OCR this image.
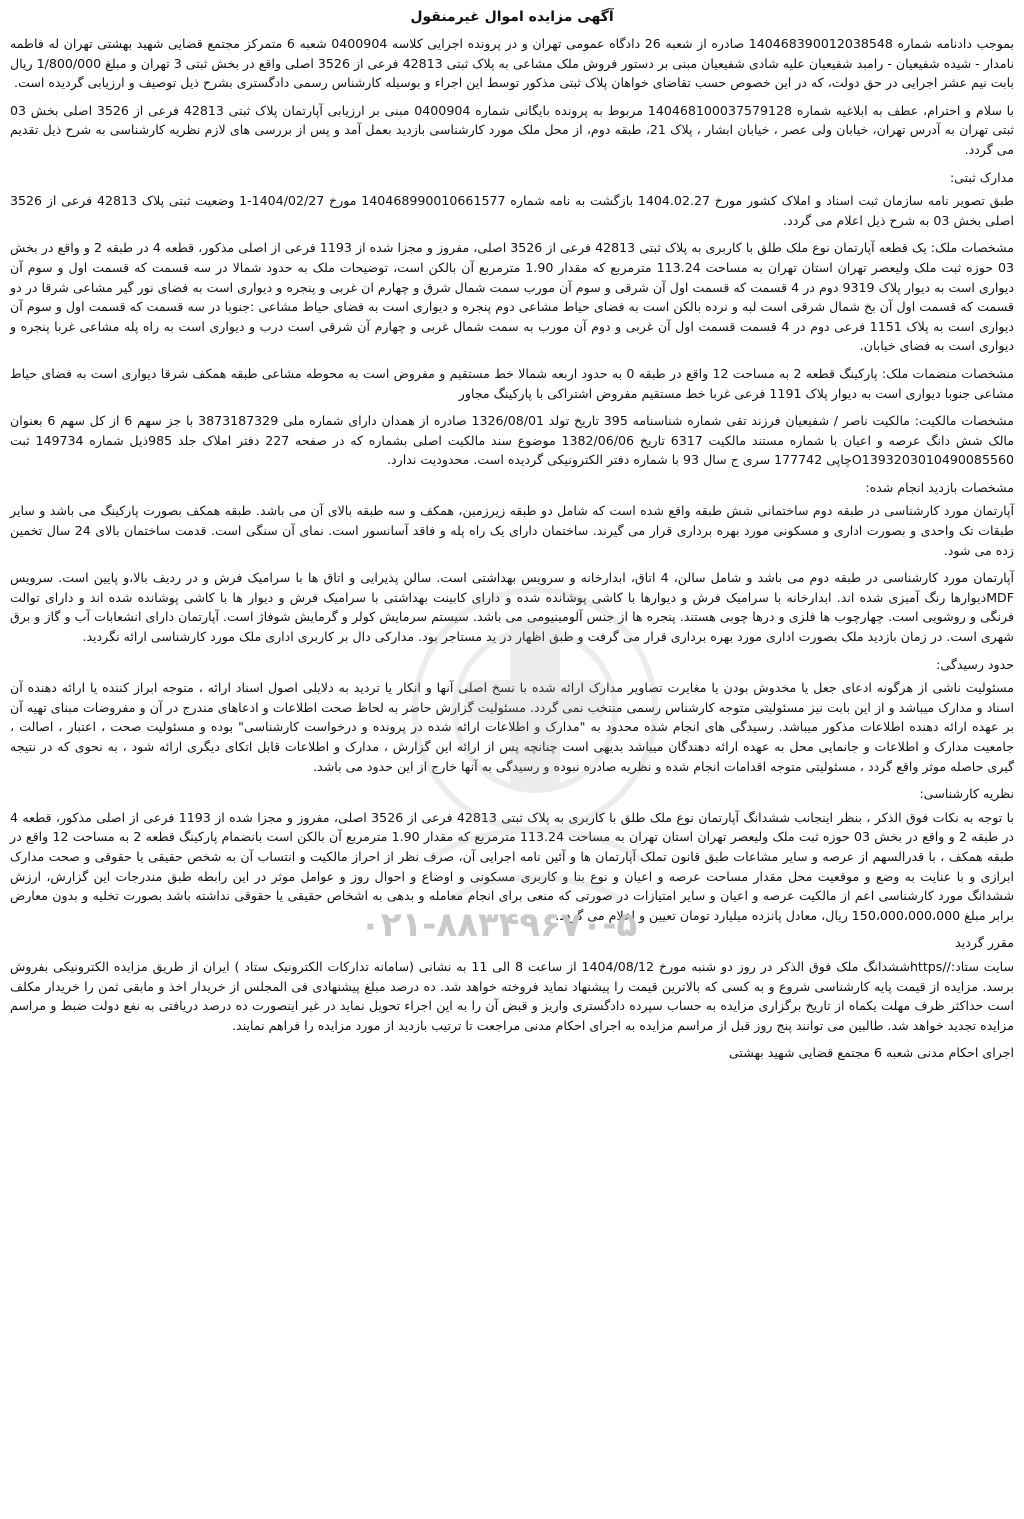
آگهی مزایده اموال غیرمنقول

بموجب دادنامه شماره 140468390012038548 صادره از شعبه 26 دادگاه عمومی تهران و در پرونده اجرایی کلاسه 0400904 شعبه 6 متمرکز مجتمع قضایی شهید بهشتی تهران له فاطمه نامدار - شیده شفیعیان - رامبد شفیعیان علیه شادی شفیعیان مبنی بر دستور فروش ملک مشاعی به پلاک ثبتی 42813 فرعی از 3526 اصلی واقع در بخش ثبتی 3 تهران و مبلغ 1/800/000 ریال بابت نیم عشر اجرایی در حق دولت، که در این خصوص حسب تقاضای خواهان پلاک ثبتی مذکور توسط این اجراء و بوسیله کارشناس رسمی دادگستری بشرح ذیل توصیف و ارزیابی گردیده است.

با سلام و احترام، عطف به ابلاغیه شماره 140468100037579128 مربوط به پرونده بایگانی شماره 0400904 مبنی بر ارزیابی آپارتمان پلاک ثبتی 42813 فرعی از 3526 اصلی بخش 03 ثبتی تهران به آدرس تهران، خیابان ولی عصر ، خیابان ابشار ، پلاک 21، طبقه دوم، از محل ملک مورد کارشناسی بازدید بعمل آمد و پس از بررسی های لازم نظریه کارشناسی به شرح ذیل تقدیم می گردد.

مدارک ثبتی:

طبق تصویر نامه سازمان ثبت اسناد و املاک کشور مورخ 1404.02.27 بازگشت به نامه شماره 140468990010661577 مورخ 1404/02/27-1 وضعیت ثبتی پلاک 42813 فرعی از 3526 اصلی بخش 03 به شرح ذیل اعلام می گردد.

مشخصات ملک: یک قطعه آپارتمان نوع ملک طلق با کاربری به پلاک ثبتی 42813 فرعی از 3526 اصلی، مفروز و مجزا شده از 1193 فرعی از اصلی مذکور، قطعه 4 در طبقه 2 و واقع در بخش 03 حوزه ثبت ملک ولیعصر تهران استان تهران به مساحت 113.24 مترمربع که مقدار 1.90 مترمربع آن بالکن است، توضیحات ملک به حدود شمالا در سه قسمت که قسمت اول و سوم آن دیواری است به دیوار پلاک 9319 دوم در 4 قسمت که قسمت اول آن شرقی و سوم آن مورب سمت شمال شرق و چهارم ان غربی و پنجره و دیواری است به فضای نور گیر مشاعی شرقا در دو قسمت که قسمت اول آن بخ شمال شرقی است لبه و نرده بالکن است به فضای حیاط مشاعی دوم پنجره و دیواری است به فضای حیاط مشاعی :جنوبا در سه قسمت که قسمت اول و سوم آن دیواری است به پلاک 1151 فرعی دوم در 4 قسمت قسمت اول آن غربی و دوم آن مورب به سمت شمال غربی و چهارم آن شرقی است درب و دیواری است به راه پله مشاعی غربا پنجره و دیواری است به فضای خیابان.

مشخصات منضمات ملک: پارکینگ قطعه 2 به مساحت 12 واقع در طبقه 0 به حدود اربعه شمالا خط مستقیم و مفروض است به محوطه مشاعی طبقه همکف شرقا دیواری است به فضای حیاط مشاعی جنوبا دیواری است به دیوار پلاک 1191 فرعی غربا خط مستقیم مفروض اشتراکی با پارکینگ مجاور

مشخصات مالکیت: مالکیت ناصر / شفیعیان فرزند تقی شماره شناسنامه 395 تاریخ تولد 1326/08/01 صادره از همدان دارای شماره ملی 3873187329 با جز سهم 6 از کل سهم 6 بعنوان مالک شش دانگ عرصه و اعیان با شماره مستند مالکیت 6317 تاریخ 1382/06/06 موضوع سند مالکیت اصلی بشماره که در صفحه 227 دفتر املاک جلد 985ذیل شماره 149734 ثبت O1393203010490085560چاپی 177742 سری ج سال 93 با شماره دفتر الکترونیکی گردیده است. محدودیت ندارد.

مشخصات بازدید انجام شده:

آپارتمان مورد کارشناسی در طبقه دوم ساختمانی شش طبقه واقع شده است که شامل دو طبقه زیرزمین، همکف و سه طبقه بالای آن می باشد. طبقه همکف بصورت پارکینگ می باشد و سایر طبقات تک واحدی و بصورت اداری و مسکونی مورد بهره برداری قرار می گیرند. ساختمان دارای یک راه پله و فاقد آسانسور است. نمای آن سنگی است. قدمت ساختمان بالای 24 سال تخمین زده می شود.

آپارتمان مورد کارشناسی در طبقه دوم می باشد و شامل سالن، 4 اتاق، ابدارخانه و سرویس بهداشتی است. سالن پذیرایی و اتاق ها با سرامیک فرش و در ردیف بالا،و پایین است. سرویس MDFدیوارها رنگ آمیزی شده اند. ابدارخانه با سرامیک فرش و دیوارها با کاشی پوشانده شده و دارای کابینت بهداشتی با سرامیک فرش و دیوار ها با کاشی پوشانده شده اند و دارای توالت فرنگی و روشویی است. چهارچوب ها فلزی و درها چوبی هستند. پنجره ها از جنس آلومینیومی می باشد. سیستم سرمایش کولر و گرمایش شوفاژ است. آپارتمان دارای انشعابات آب و گاز و برق شهری است. در زمان بازدید ملک بصورت اداری مورد بهره برداری قرار می گرفت و طبق اظهار در ید مستاجر بود. مدارکی دال بر کاربری اداری ملک مورد کارشناسی ارائه نگردید.

حدود رسیدگی:

مسئولیت ناشی از هرگونه ادعای جعل یا مخدوش بودن یا مغایرت تصاویر مدارک ارائه شده با نسخ اصلی آنها و انکار یا تردید به دلایلی اصول اسناد ارائه ، متوجه ابراز کننده یا ارائه دهنده آن اسناد و مدارک میباشد و از این بابت نیز مسئولیتی متوجه کارشناس رسمی منتخب نمی گردد. مسئولیت گزارش حاضر به لحاظ صحت اطلاعات و ادعاهای مندرج در آن و مفروضات مبنای تهیه آن بر عهده ارائه دهنده اطلاعات مذکور میباشد. رسیدگی های انجام شده محدود به "مدارک و اطلاعات ارائه شده در پرونده و درخواست کارشناسی" بوده و مسئولیت صحت ، اعتبار ، اصالت ، جامعیت مدارک و اطلاعات و جانمایی محل به عهده ارائه دهندگان میباشد بدیهی است چنانچه پس از ارائه این گزارش ، مدارک و اطلاعات قابل اتکای دیگری ارائه شود ، به نحوی که در نتیجه گیری حاصله موثر واقع گردد ، مسئولیتی متوجه اقدامات انجام شده و نظریه صادره نبوده و رسیدگی به آنها خارج از این حدود می باشد.

نظریه کارشناسی:

با توجه به نکات فوق الذکر ، بنظر اینجانب ششدانگ آپارتمان نوع ملک طلق با کاربری به پلاک ثبتی 42813 فرعی از 3526 اصلی، مفروز و مجزا شده از 1193 فرعی از اصلی مذکور، قطعه 4 در طبقه 2 و واقع در بخش 03 حوزه ثبت ملک ولیعصر تهران استان تهران به مساحت 113.24 مترمربع که مقدار 1.90 مترمربع آن بالکن است بانضمام پارکینگ قطعه 2 به مساحت 12 واقع در طبقه همکف ، با قدرالسهم از عرصه و سایر مشاعات طبق قانون تملک آپارتمان ها و آئین نامه اجرایی آن، صرف نظر از احراز مالکیت و انتساب آن به شخص حقیقی یا حقوقی و صحت مدارک ابرازی و با عنایت به وضع و موقعیت محل مقدار مساحت عرصه و اعیان و نوع بنا و کاربری مسکونی و اوضاع و احوال روز و عوامل موثر در این رابطه طبق مندرجات این گزارش، ارزش ششدانگ مورد کارشناسی اعم از مالکیت عرصه و اعیان و سایر امتیازات در صورتی که منعی برای انجام معامله و بدهی به اشخاص حقیقی یا حقوقی نداشته باشد بصورت تخلیه و بدون معارض برابر مبلغ 150،000،000،000 ریال، معادل پانزده میلیارد تومان تعیین و اعلام می گردد.

مقرر گردید

سایت ستاد://httpsششدانگ ملک فوق الذکر در روز دو شنبه مورخ 1404/08/12 از ساعت 8 الی 11 به نشانی (سامانه تدارکات الکترونیک ستاد ) ایران از طریق مزایده الکترونیکی بفروش برسد. مزایده از قیمت پایه کارشناسی شروع و به کسی که بالاترین قیمت را پیشنهاد نماید فروخته خواهد شد. ده درصد مبلغ پیشنهادی فی المجلس از خریدار اخذ و مابقی ثمن را خریدار مکلف است حداکثر ظرف مهلت یکماه از تاریخ برگزاری مزایده به حساب سپرده دادگستری واریز و قبض آن را به این اجراء تحویل نماید در غیر اینصورت ده درصد دریافتی به نفع دولت ضبط و مراسم مزایده تجدید خواهد شد. طالبین می توانند پنج روز قبل از مراسم مزایده به اجرای احکام مدنی مراجعت تا ترتیب بازدید از مورد مزایده را فراهم نمایند.

اجرای احکام مدنی شعبه 6 مجتمع قضایی شهید بهشتی
۰۲۱-۸۸۳۴۹۶۷۰-۵
